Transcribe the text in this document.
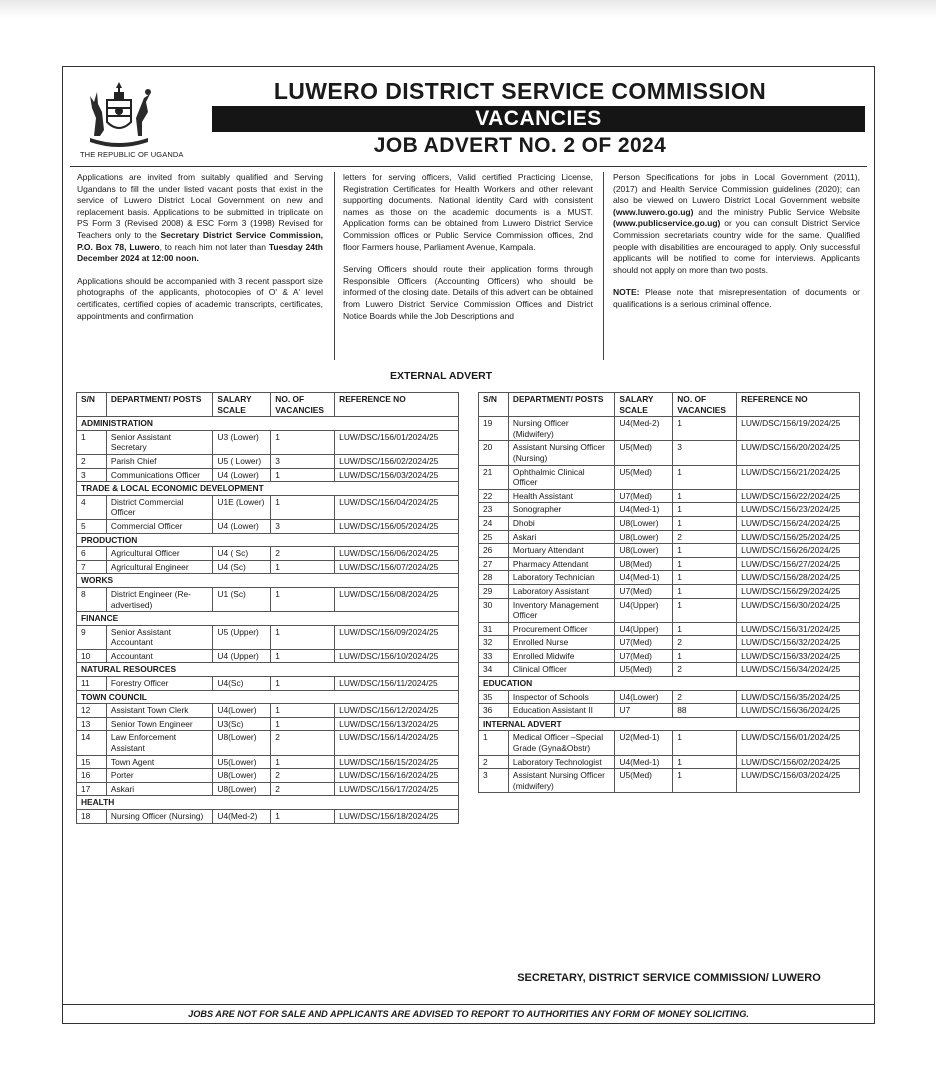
THE REPUBLIC OF UGANDA
LUWERO DISTRICT SERVICE COMMISSION
VACANCIES
JOB ADVERT NO. 2 OF 2024

Applications are invited from suitably qualified and Serving Ugandans to fill the under listed vacant posts that exist in the service of Luwero District Local Government on new and replacement basis. Applications to be submitted in triplicate on PS Form 3 (Revised 2008) & ESC Form 3 (1998) Revised for Teachers only to the Secretary District Service Commission, P.O. Box 78, Luwero, to reach him not later than Tuesday 24th December 2024 at 12:00 noon.

Applications should be accompanied with 3 recent passport size photographs of the applicants, photocopies of O' & A' level certificates, certified copies of academic transcripts, certificates, appointments and confirmation

letters for serving officers, Valid certified Practicing License, Registration Certificates for Health Workers and other relevant supporting documents. National identity Card with consistent names as those on the academic documents is a MUST. Application forms can be obtained from Luwero District Service Commission offices or Public Service Commission offices, 2nd floor Farmers house, Parliament Avenue, Kampala.

Serving Officers should route their application forms through Responsible Officers (Accounting Officers) who should be informed of the closing date. Details of this advert can be obtained from Luwero District Service Commission Offices and District Notice Boards while the Job Descriptions and

Person Specifications for jobs in Local Government (2011), (2017) and Health Service Commission guidelines (2020); can also be viewed on Luwero District Local Government website (www.luwero.go.ug) and the ministry Public Service Website (www.publicservice.go.ug) or you can consult District Service Commission secretariats country wide for the same. Qualified people with disabilities are encouraged to apply. Only successful applicants will be notified to come for interviews. Applicants should not apply on more than two posts.

NOTE: Please note that misrepresentation of documents or qualifications is a serious criminal offence.

EXTERNAL ADVERT
S/N	DEPARTMENT/ POSTS	SALARY SCALE	NO. OF VACANCIES	REFERENCE NO
ADMINISTRATION				
1	Senior Assistant Secretary	U3 (Lower)	1	LUW/DSC/156/01/2024/25
2	Parish Chief	U5 ( Lower)	3	LUW/DSC/156/02/2024/25
3	Communications Officer	U4 (Lower)	1	LUW/DSC/156/03/2024/25
TRADE & LOCAL ECONOMIC DEVELOPMENT				
4	District Commercial Officer	U1E (Lower)	1	LUW/DSC/156/04/2024/25
5	Commercial Officer	U4 (Lower)	3	LUW/DSC/156/05/2024/25
PRODUCTION				
6	Agricultural Officer	U4 ( Sc)	2	LUW/DSC/156/06/2024/25
7	Agricultural Engineer	U4 (Sc)	1	LUW/DSC/156/07/2024/25
WORKS				
8	District Engineer (Re-advertised)	U1 (Sc)	1	LUW/DSC/156/08/2024/25
FINANCE				
9	Senior Assistant Accountant	U5 (Upper)	1	LUW/DSC/156/09/2024/25
10	Accountant	U4 (Upper)	1	LUW/DSC/156/10/2024/25
NATURAL RESOURCES				
11	Forestry Officer	U4(Sc)	1	LUW/DSC/156/11/2024/25
TOWN COUNCIL				
12	Assistant Town Clerk	U4(Lower)	1	LUW/DSC/156/12/2024/25
13	Senior Town Engineer	U3(Sc)	1	LUW/DSC/156/13/2024/25
14	Law Enforcement Assistant	U8(Lower)	2	LUW/DSC/156/14/2024/25
15	Town Agent	U5(Lower)	1	LUW/DSC/156/15/2024/25
16	Porter	U8(Lower)	2	LUW/DSC/156/16/2024/25
17	Askari	U8(Lower)	2	LUW/DSC/156/17/2024/25
HEALTH				
18	Nursing Officer (Nursing)	U4(Med-2)	1	LUW/DSC/156/18/2024/25
S/N	DEPARTMENT/ POSTS	SALARY SCALE	NO. OF VACANCIES	REFERENCE NO
19	Nursing Officer (Midwifery)	U4(Med-2)	1	LUW/DSC/156/19/2024/25
20	Assistant Nursing Officer (Nursing)	U5(Med)	3	LUW/DSC/156/20/2024/25
21	Ophthalmic Clinical Officer	U5(Med)	1	LUW/DSC/156/21/2024/25
22	Health Assistant	U7(Med)	1	LUW/DSC/156/22/2024/25
23	Sonographer	U4(Med-1)	1	LUW/DSC/156/23/2024/25
24	Dhobi	U8(Lower)	1	LUW/DSC/156/24/2024/25
25	Askari	U8(Lower)	2	LUW/DSC/156/25/2024/25
26	Mortuary Attendant	U8(Lower)	1	LUW/DSC/156/26/2024/25
27	Pharmacy Attendant	U8(Med)	1	LUW/DSC/156/27/2024/25
28	Laboratory Technician	U4(Med-1)	1	LUW/DSC/156/28/2024/25
29	Laboratory Assistant	U7(Med)	1	LUW/DSC/156/29/2024/25
30	Inventory Management Officer	U4(Upper)	1	LUW/DSC/156/30/2024/25
31	Procurement Officer	U4(Upper)	1	LUW/DSC/156/31/2024/25
32	Enrolled Nurse	U7(Med)	2	LUW/DSC/156/32/2024/25
33	Enrolled Midwife	U7(Med)	1	LUW/DSC/156/33/2024/25
34	Clinical Officer	U5(Med)	2	LUW/DSC/156/34/2024/25
EDUCATION				
35	Inspector of Schools	U4(Lower)	2	LUW/DSC/156/35/2024/25
36	Education Assistant II	U7	88	LUW/DSC/156/36/2024/25
INTERNAL ADVERT				
1	Medical Officer –Special Grade (Gyna&Obstr)	U2(Med-1)	1	LUW/DSC/156/01/2024/25
2	Laboratory Technologist	U4(Med-1)	1	LUW/DSC/156/02/2024/25
3	Assistant Nursing Officer (midwifery)	U5(Med)	1	LUW/DSC/156/03/2024/25
SECRETARY, DISTRICT SERVICE COMMISSION/ LUWERO
JOBS ARE NOT FOR SALE AND APPLICANTS ARE ADVISED TO REPORT TO AUTHORITIES ANY FORM OF MONEY SOLICITING.
